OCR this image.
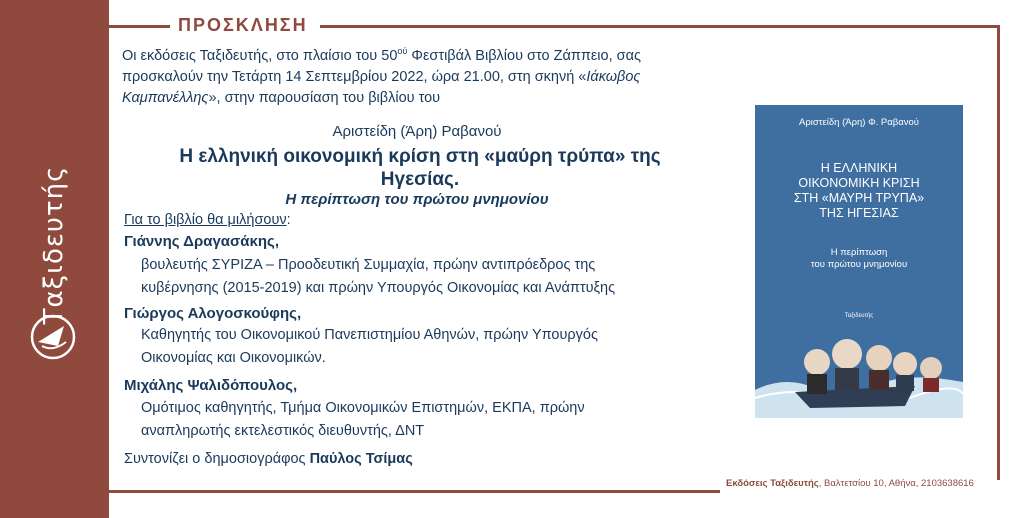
Ταξιδευτής
ΠΡΟΣΚΛΗΣΗ
Οι εκδόσεις Ταξιδευτής, στο πλαίσιο του $50^{oύ}$ Φεστιβάλ Βιβλίου στο Ζάππειο, σας προσκαλούν την Τετάρτη 14 Σεπτεμβρίου 2022, ώρα 21.00, στη σκηνή «Ιάκωβος Καμπανέλλης», στην παρουσίαση του βιβλίου του
Αριστείδη (Άρη) Ραβανού
Η ελληνική οικονομική κρίση στη «μαύρη τρύπα» της Ηγεσίας.
Η περίπτωση του πρώτου μνημονίου
Για το βιβλίο θα μιλήσουν:
Γιάννης Δραγασάκης,
βουλευτής ΣΥΡΙΖΑ – Προοδευτική Συμμαχία, πρώην αντιπρόεδρος της
κυβέρνησης (2015-2019) και πρώην Υπουργός Οικονομίας και Ανάπτυξης
Γιώργος Αλογοσκούφης,
Καθηγητής του Οικονομικού Πανεπιστημίου Αθηνών, πρώην Υπουργός
Οικονομίας και Οικονομικών.
Μιχάλης Ψαλιδόπουλος,
Ομότιμος καθηγητής, Τμήμα Οικονομικών Επιστημών, ΕΚΠΑ, πρώην
αναπληρωτής εκτελεστικός διευθυντής, ΔΝΤ
Συντονίζει ο δημοσιογράφος Παύλος Τσίμας
Εκδόσεις Ταξιδευτής, Βαλτετσίου 10, Αθήνα, 2103638616
Αριστείδη (Άρη) Φ. Ραβανού
Η ΕΛΛΗΝΙΚΗ
ΟΙΚΟΝΟΜΙΚΗ ΚΡΙΣΗ
ΣΤΗ «ΜΑΥΡΗ ΤΡΥΠΑ»
ΤΗΣ ΗΓΕΣΙΑΣ
Η περίπτωση
του πρώτου μνημονίου
Ταξιδευτής
